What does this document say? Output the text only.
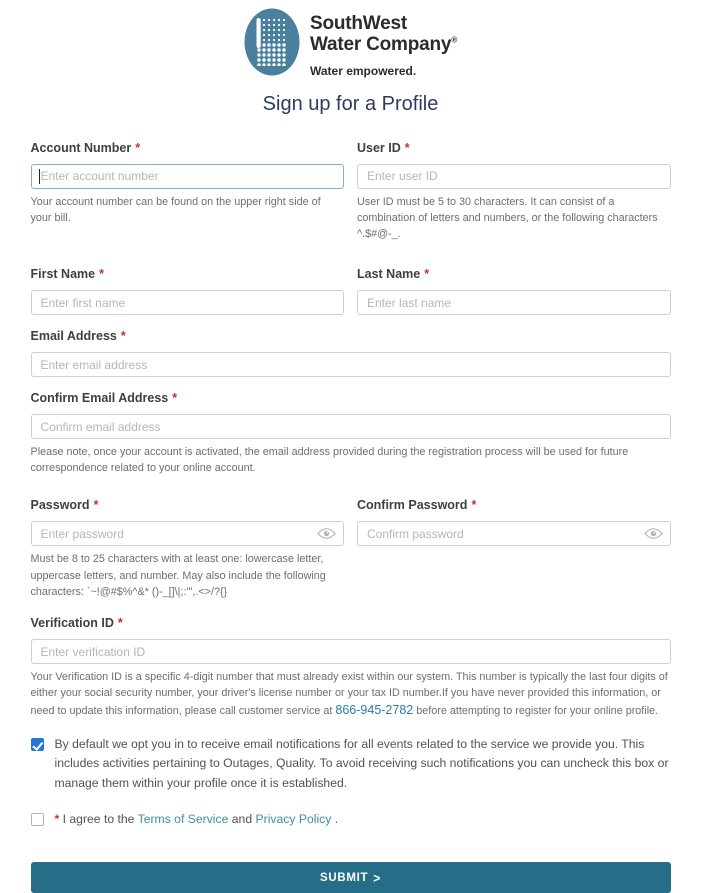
SouthWest
Water Company®
Water empowered.
Sign up for a Profile
Account Number *
Enter account number
Your account number can be found on the upper right side of your bill.
User ID *
Enter user ID
User ID must be 5 to 30 characters. It can consist of a combination of letters and numbers, or the following characters ^.$#@-_.
First Name *
Enter first name	Last Name *
Enter last name
Email Address *
Enter email address
Confirm Email Address *
Confirm email address
Please note, once your account is activated, the email address provided during the registration process will be used for future correspondence related to your online account.
Password *
Must be 8 to 25 characters with at least one: lowercase letter, uppercase letters, and number. May also include the following characters: `~!@#$%^&* ()-_[]\|;:'",.<>/?{}
Confirm Password *
Verification ID *
Enter verification ID
Your Verification ID is a specific 4-digit number that must already exist within our system. This number is typically the last four digits of either your social security number, your driver's license number or your tax ID number.If you have never provided this information, or need to update this information, please call customer service at 866-945-2782 before attempting to register for your online profile.
By default we opt you in to receive email notifications for all events related to the service we provide you. This includes activities pertaining to Outages, Quality. To avoid receiving such notifications you can uncheck this box or manage them within your profile once it is established.
* I agree to the Terms of Service and Privacy Policy .
SUBMIT >
